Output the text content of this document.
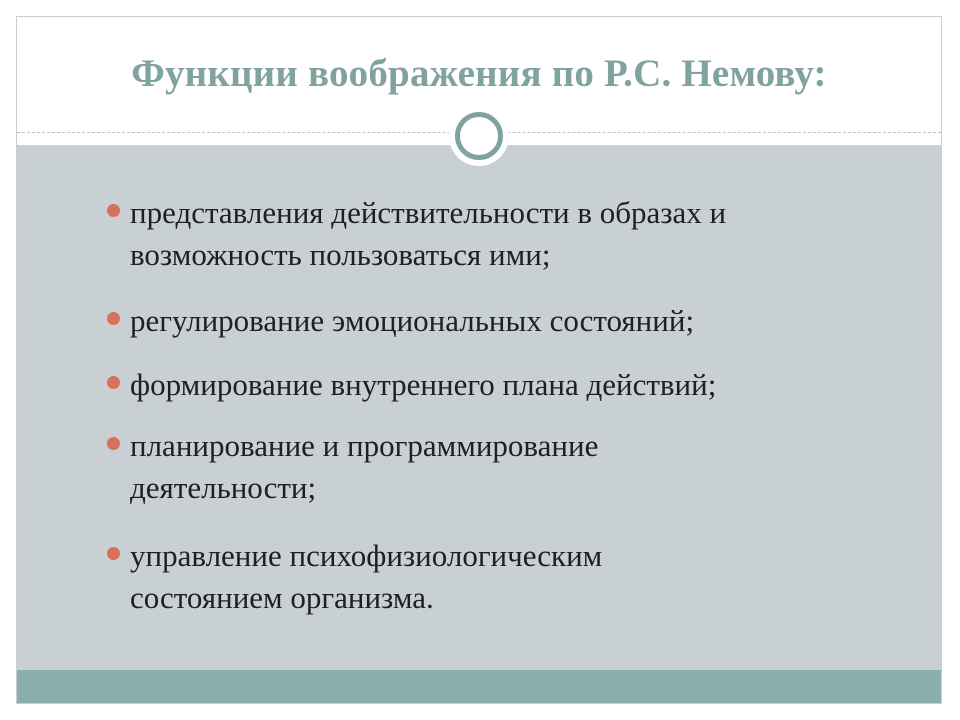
Функции воображения по Р.С. Немову:
представления действительности в образах и
возможность пользоваться ими;
регулирование эмоциональных состояний;
формирование внутреннего плана действий;
планирование и программирование
деятельности;
управление психофизиологическим
состоянием организма.
